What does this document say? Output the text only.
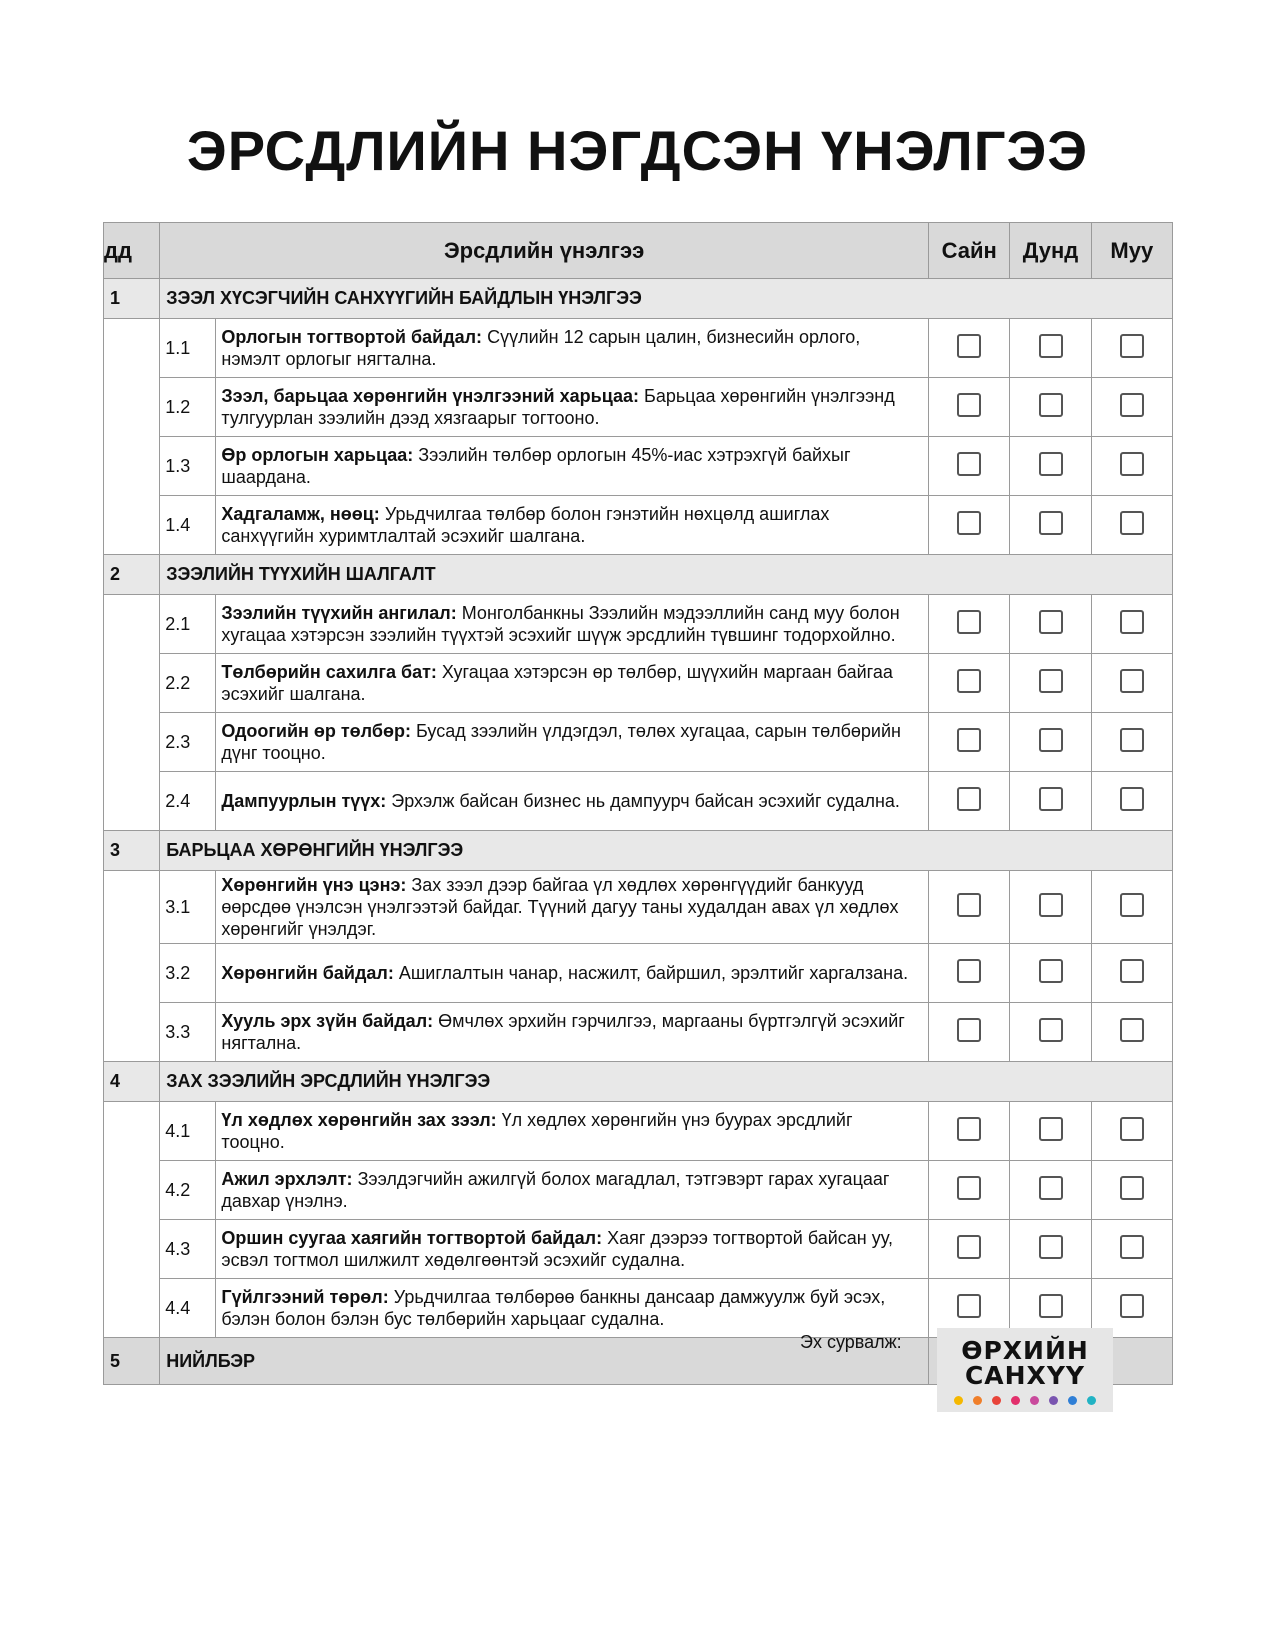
ЭРСДЛИЙН НЭГДСЭН ҮНЭЛГЭЭ
дд	Эрсдлийн үнэлгээ		Сайн	Дунд	Муу
1	ЗЭЭЛ ХҮСЭГЧИЙН САНХҮҮГИЙН БАЙДЛЫН ҮНЭЛГЭЭ				
	1.1	Орлогын тогтвортой байдал: Сүүлийн 12 сарын цалин, бизнесийн орлого, нэмэлт орлогыг нягтална.			
	1.2	Зээл, барьцаа хөрөнгийн үнэлгээний харьцаа: Барьцаа хөрөнгийн үнэлгээнд тулгуурлан зээлийн дээд хязгаарыг тогтооно.			
	1.3	Өр орлогын харьцаа: Зээлийн төлбөр орлогын 45%-иас хэтрэхгүй байхыг шаардана.			
	1.4	Хадгаламж, нөөц: Урьдчилгаа төлбөр болон гэнэтийн нөхцөлд ашиглах санхүүгийн хуримтлалтай эсэхийг шалгана.			
2	ЗЭЭЛИЙН ТҮҮХИЙН ШАЛГАЛТ				
	2.1	Зээлийн түүхийн ангилал: Монголбанкны Зээлийн мэдээллийн санд муу болон хугацаа хэтэрсэн зээлийн түүхтэй эсэхийг шүүж эрсдлийн түвшинг тодорхойлно.			
	2.2	Төлбөрийн сахилга бат: Хугацаа хэтэрсэн өр төлбөр, шүүхийн маргаан байгаа эсэхийг шалгана.			
	2.3	Одоогийн өр төлбөр: Бусад зээлийн үлдэгдэл, төлөх хугацаа, сарын төлбөрийн дүнг тооцно.			
	2.4	Дампуурлын түүх: Эрхэлж байсан бизнес нь дампуурч байсан эсэхийг судална.			
3	БАРЬЦАА ХӨРӨНГИЙН ҮНЭЛГЭЭ				
	3.1	Хөрөнгийн үнэ цэнэ: Зах зээл дээр байгаа үл хөдлөх хөрөнгүүдийг банкууд өөрсдөө үнэлсэн үнэлгээтэй байдаг. Түүний дагуу таны худалдан авах үл хөдлөх хөрөнгийг үнэлдэг.			
	3.2	Хөрөнгийн байдал: Ашиглалтын чанар, насжилт, байршил, эрэлтийг харгалзана.			
	3.3	Хууль эрх зүйн байдал: Өмчлөх эрхийн гэрчилгээ, маргааны бүртгэлгүй эсэхийг нягтална.			
4	ЗАХ ЗЭЭЛИЙН ЭРСДЛИЙН ҮНЭЛГЭЭ				
	4.1	Үл хөдлөх хөрөнгийн зах зээл: Үл хөдлөх хөрөнгийн үнэ буурах эрсдлийг тооцно.			
	4.2	Ажил эрхлэлт: Зээлдэгчийн ажилгүй болох магадлал, тэтгэвэрт гарах хугацааг давхар үнэлнэ.			
	4.3	Оршин суугаа хаягийн тогтвортой байдал: Хаяг дээрээ тогтвортой байсан уу, эсвэл тогтмол шилжилт хөдөлгөөнтэй эсэхийг судална.			
	4.4	Гүйлгээний төрөл: Урьдчилгаа төлбөрөө банкны дансаар дамжуулж буй эсэх, бэлэн болон бэлэн бус төлбөрийн харьцааг судална.			
5	НИЙЛБЭР				
Эх сурвалж:	ӨРХИЙН
САНХҮҮ
